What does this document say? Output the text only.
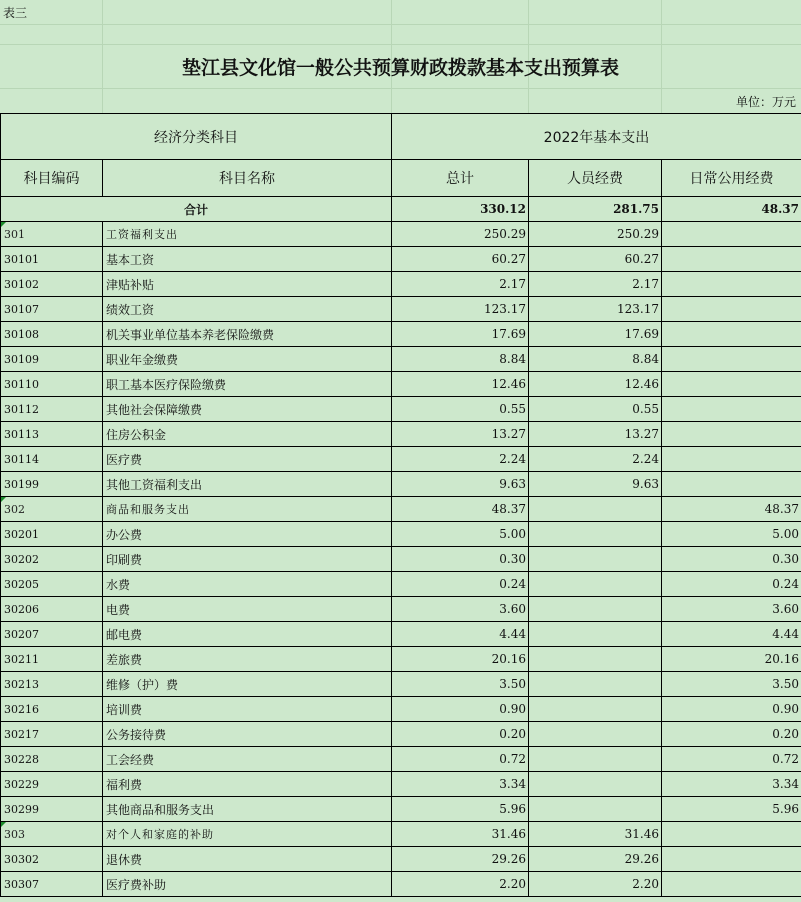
表三
垫江县文化馆一般公共预算财政拨款基本支出预算表
单位：万元
经济分类科目		2022年基本支出		
科目编码	科目名称	总计	人员经费	日常公用经费
合计		330.12	281.75	48.37

301	工资福利支出	250.29	250.29	
30101	基本工资	60.27	60.27	
30102	津贴补贴	2.17	2.17	
30107	绩效工资	123.17	123.17	
30108	机关事业单位基本养老保险缴费	17.69	17.69	
30109	职业年金缴费	8.84	8.84	
30110	职工基本医疗保险缴费	12.46	12.46	
30112	其他社会保障缴费	0.55	0.55	
30113	住房公积金	13.27	13.27	
30114	医疗费	2.24	2.24	
30199	其他工资福利支出	9.63	9.63	

302	商品和服务支出	48.37		48.37
30201	办公费	5.00		5.00
30202	印刷费	0.30		0.30
30205	水费	0.24		0.24
30206	电费	3.60		3.60
30207	邮电费	4.44		4.44
30211	差旅费	20.16		20.16
30213	维修（护）费	3.50		3.50
30216	培训费	0.90		0.90
30217	公务接待费	0.20		0.20
30228	工会经费	0.72		0.72
30229	福利费	3.34		3.34
30299	其他商品和服务支出	5.96		5.96

303	对个人和家庭的补助	31.46	31.46	
30302	退休费	29.26	29.26	
30307	医疗费补助	2.20	2.20	
